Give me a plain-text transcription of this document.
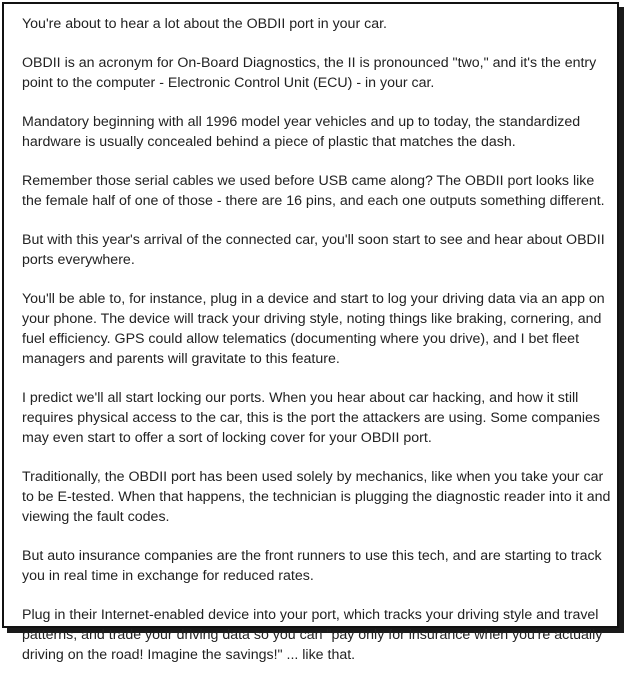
You're about to hear a lot about the OBDII port in your car.

OBDII is an acronym for On-Board Diagnostics, the II is pronounced "two," and it's the entry point to the computer - Electronic Control Unit (ECU) - in your car.

Mandatory beginning with all 1996 model year vehicles and up to today, the standardized hardware is usually concealed behind a piece of plastic that matches the dash.

Remember those serial cables we used before USB came along? The OBDII port looks like the female half of one of those - there are 16 pins, and each one outputs something different.

But with this year's arrival of the connected car, you'll soon start to see and hear about OBDII ports everywhere.

You'll be able to, for instance, plug in a device and start to log your driving data via an app on your phone. The device will track your driving style, noting things like braking, cornering, and fuel efficiency. GPS could allow telematics (documenting where you drive), and I bet fleet managers and parents will gravitate to this feature.

I predict we'll all start locking our ports. When you hear about car hacking, and how it still requires physical access to the car, this is the port the attackers are using. Some companies may even start to offer a sort of locking cover for your OBDII port.

Traditionally, the OBDII port has been used solely by mechanics, like when you take your car to be E-tested. When that happens, the technician is plugging the diagnostic reader into it and viewing the fault codes.

But auto insurance companies are the front runners to use this tech, and are starting to track you in real time in exchange for reduced rates.

Plug in their Internet-enabled device into your port, which tracks your driving style and travel patterns, and trade your driving data so you can "pay only for insurance when you're actually driving on the road! Imagine the savings!" ... like that.
